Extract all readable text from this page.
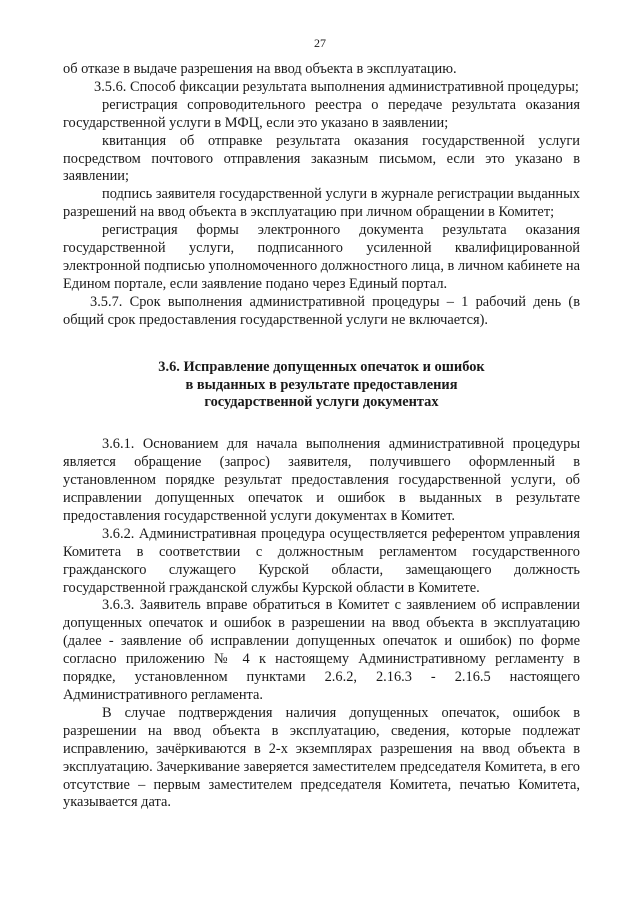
27

об отказе в выдаче разрешения на ввод объекта в эксплуатацию.

3.5.6. Способ фиксации результата выполнения административной процедуры;

регистрация сопроводительного реестра о передаче результата оказания государственной услуги в МФЦ, если это указано в заявлении;

квитанция об отправке результата оказания государственной услуги посредством почтового отправления заказным письмом, если это указано в заявлении;

подпись заявителя государственной услуги в журнале регистрации выданных разрешений на ввод объекта в эксплуатацию при личном обращении в Комитет;

регистрация формы электронного документа результата оказания государственной услуги, подписанного усиленной квалифицированной электронной подписью уполномоченного должностного лица, в личном кабинете на Едином портале, если заявление подано через Единый портал.

3.5.7. Срок выполнения административной процедуры – 1 рабочий день (в общий срок предоставления государственной услуги не включается).

3.6. Исправление допущенных опечаток и ошибок
в выданных в результате предоставления
государственной услуги документах

3.6.1. Основанием для начала выполнения административной процедуры является обращение (запрос) заявителя, получившего оформленный в установленном порядке результат предоставления государственной услуги, об исправлении допущенных опечаток и ошибок в выданных в результате предоставления государственной услуги документах в Комитет.

3.6.2. Административная процедура осуществляется референтом управления Комитета в соответствии с должностным регламентом государственного гражданского служащего Курской области, замещающего должность государственной гражданской службы Курской области в Комитете.

3.6.3. Заявитель вправе обратиться в Комитет с заявлением об исправлении допущенных опечаток и ошибок в разрешении на ввод объекта в эксплуатацию (далее - заявление об исправлении допущенных опечаток и ошибок) по форме согласно приложению № 4 к настоящему Административному регламенту в порядке, установленном пунктами 2.6.2, 2.16.3 - 2.16.5 настоящего Административного регламента.

В случае подтверждения наличия допущенных опечаток, ошибок в разрешении на ввод объекта в эксплуатацию, сведения, которые подлежат исправлению, зачёркиваются в 2-х экземплярах разрешения на ввод объекта в эксплуатацию. Зачеркивание заверяется заместителем председателя Комитета, в его отсутствие – первым заместителем председателя Комитета, печатью Комитета, указывается дата.
